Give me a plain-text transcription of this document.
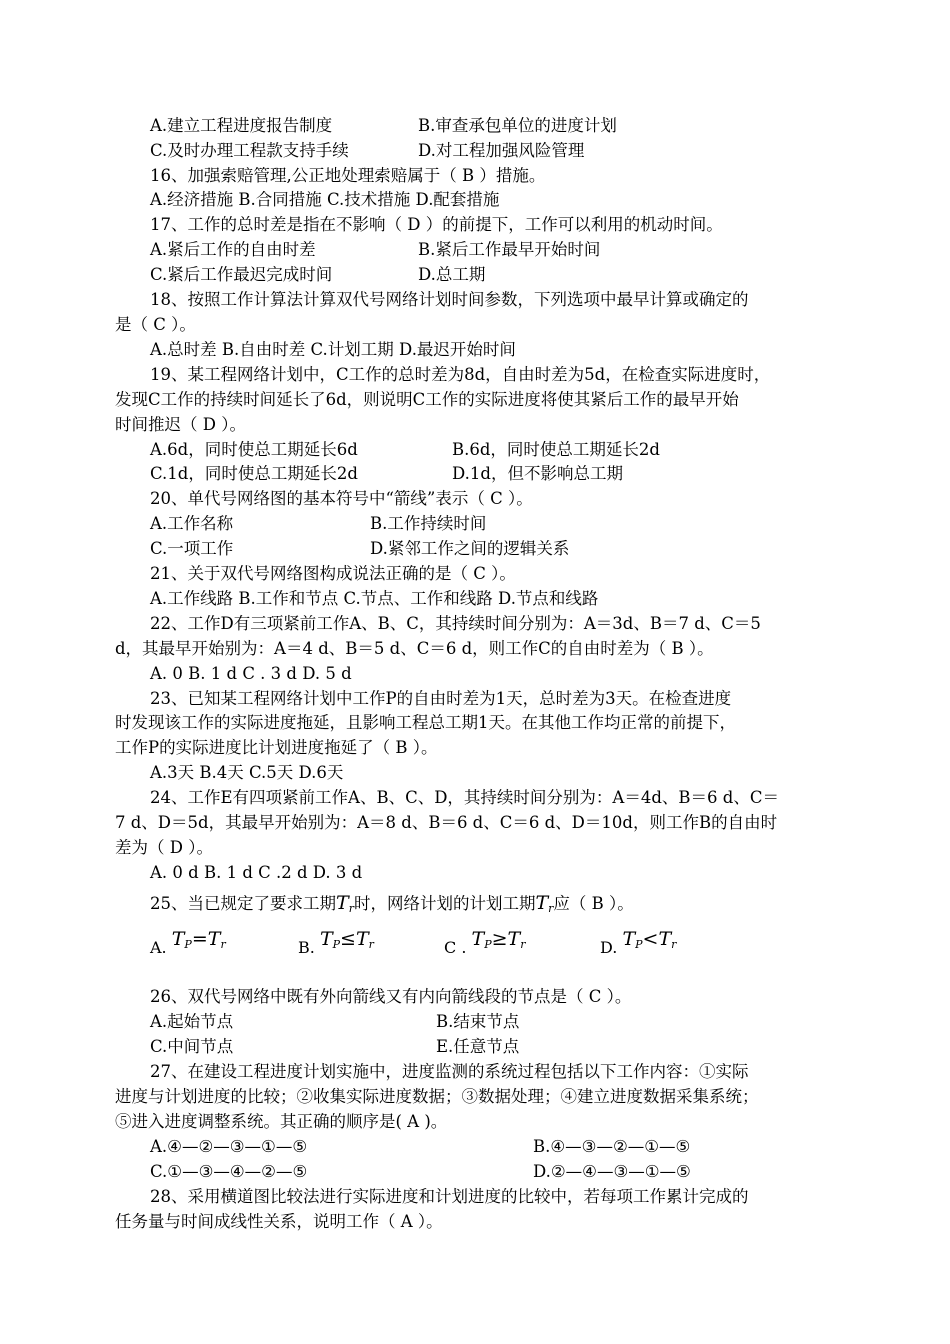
A.建立工程进度报告制度	B.审查承包单位的进度计划
C.及时办理工程款支持手续	D.对工程加强风险管理
16、加强索赔管理,公正地处理索赔属于（ B ）措施。
A.经济措施 B.合同措施 C.技术措施 D.配套措施
17、工作的总时差是指在不影响（ D ）的前提下，工作可以利用的机动时间。
A.紧后工作的自由时差	B.紧后工作最早开始时间
C.紧后工作最迟完成时间	D.总工期
18、按照工作计算法计算双代号网络计划时间参数，下列选项中最早计算或确定的
是（ C ）。
A.总时差 B.自由时差 C.计划工期 D.最迟开始时间
19、某工程网络计划中，C工作的总时差为8d，自由时差为5d，在检查实际进度时，
发现C工作的持续时间延长了6d，则说明C工作的实际进度将使其紧后工作的最早开始
时间推迟（ D ）。
A.6d，同时使总工期延长6d	B.6d，同时使总工期延长2d
C.1d，同时使总工期延长2d	D.1d，但不影响总工期
20、单代号网络图的基本符号中“箭线”表示（ C ）。
A.工作名称	B.工作持续时间
C.一项工作	D.紧邻工作之间的逻辑关系
21、关于双代号网络图构成说法正确的是（ C ）。
A.工作线路 B.工作和节点 C.节点、工作和线路 D.节点和线路
22、工作D有三项紧前工作A、B、C，其持续时间分别为：A＝3d、B＝7 d、C＝5
d，其最早开始别为：A＝4 d、B＝5 d、C＝6 d，则工作C的自由时差为（ B ）。
A. 0 B. 1 d C . 3 d D. 5 d
23、已知某工程网络计划中工作P的自由时差为1天，总时差为3天。在检查进度
时发现该工作的实际进度拖延，且影响工程总工期1天。在其他工作均正常的前提下，
工作P的实际进度比计划进度拖延了（ B ）。
A.3天 B.4天 C.5天 D.6天
24、工作E有四项紧前工作A、B、C、D，其持续时间分别为：A＝4d、B＝6 d、C＝
7 d、D＝5d，其最早开始别为：A＝8 d、B＝6 d、C＝6 d、D＝10d，则工作B的自由时
差为（ D ）。
A. 0 d B. 1 d C .2 d D. 3 d
25、当已规定了要求工期$T_r$时，网络计划的计划工期$T_r$应（ B ）。
A. $T_P=T_r$	B. $T_P\le T_r$	C . $T_P\ge T_r$	D. $T_P<T_r$
26、双代号网络中既有外向箭线又有内向箭线段的节点是（ C ）。
A.起始节点	B.结束节点
C.中间节点	E.任意节点
27、在建设工程进度计划实施中，进度监测的系统过程包括以下工作内容：①实际
进度与计划进度的比较；②收集实际进度数据；③数据处理；④建立进度数据采集系统；
⑤进入进度调整系统。其正确的顺序是( A )。
A.④—②—③—①—⑤	B.④—③—②—①—⑤
C.①—③—④—②—⑤	D.②—④—③—①—⑤
28、采用横道图比较法进行实际进度和计划进度的比较中，若每项工作累计完成的
任务量与时间成线性关系，说明工作（ A ）。
